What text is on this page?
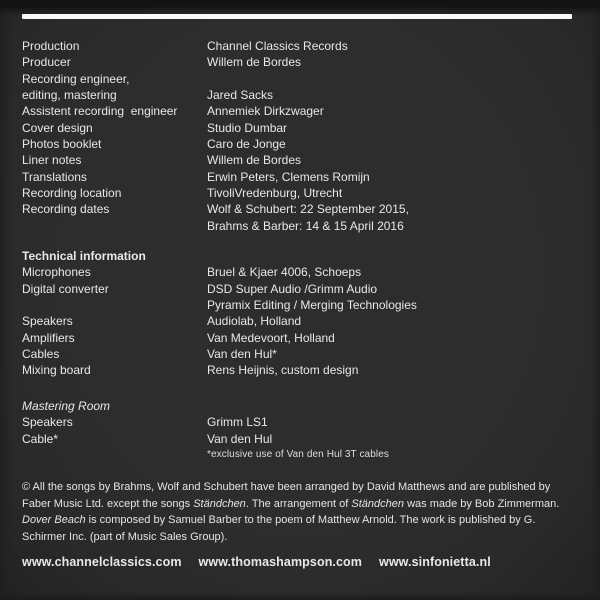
Production	Channel Classics Records
Producer	Willem de Bordes
Recording engineer,
editing, mastering	Jared Sacks
Assistent recording  engineer	Annemiek Dirkzwager
Cover design	Studio Dumbar
Photos booklet	Caro de Jonge
Liner notes	Willem de Bordes
Translations	Erwin Peters, Clemens Romijn
Recording location	TivoliVredenburg, Utrecht
Recording dates	Wolf & Schubert: 22 September 2015,
Brahms & Barber: 14 & 15 April 2016
Technical information
Microphones	Bruel & Kjaer 4006, Schoeps
Digital converter	DSD Super Audio /Grimm Audio
Pyramix Editing / Merging Technologies
Speakers	Audiolab, Holland
Amplifiers	Van Medevoort, Holland
Cables	Van den Hul*
Mixing board	Rens Heijnis, custom design
Mastering Room
Speakers	Grimm LS1
Cable*	Van den Hul
*exclusive use of Van den Hul 3T cables
© All the songs by Brahms, Wolf and Schubert have been arranged by David Matthews and are published by Faber Music Ltd. except the songs Ständchen. The arrangement of Ständchen was made by Bob Zimmerman. Dover Beach is composed by Samuel Barber to the poem of Matthew Arnold. The work is published by G. Schirmer Inc. (part of Music Sales Group).
www.channelclassics.com www.thomashampson.com www.sinfonietta.nl
